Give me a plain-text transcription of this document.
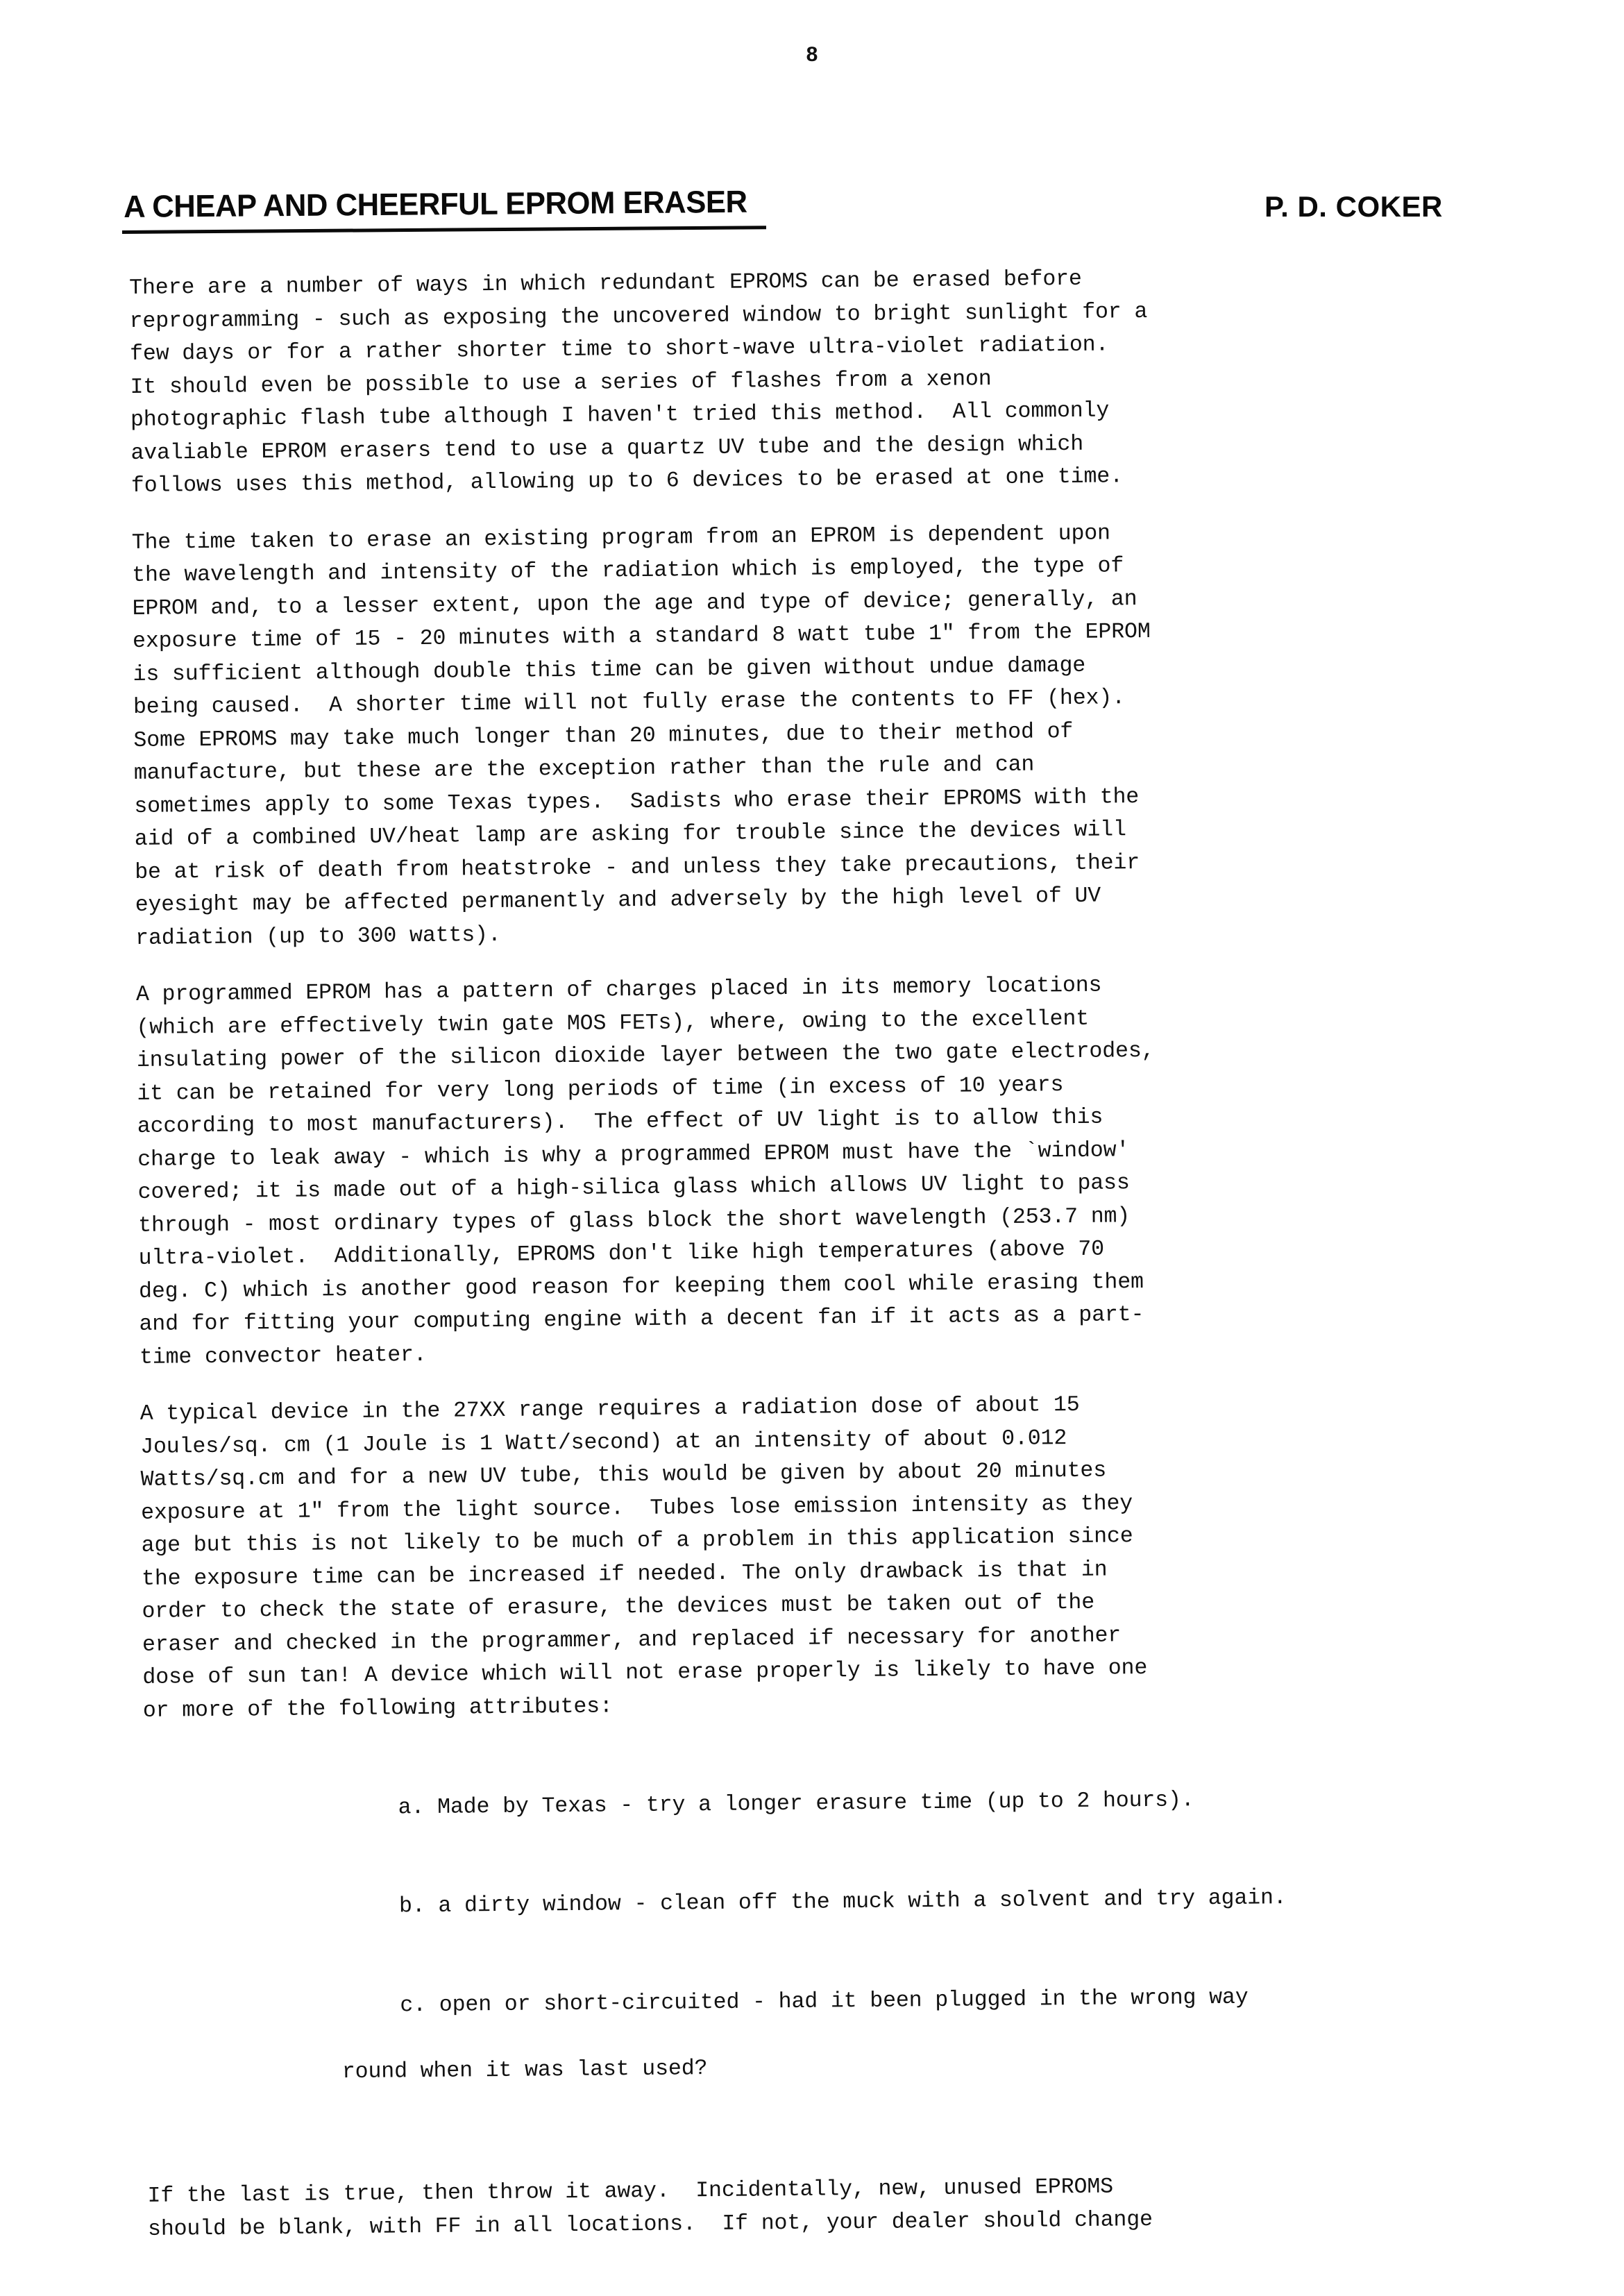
8
A CHEAP AND CHEERFUL EPROM ERASER	P. D. COKER

There are a number of ways in which redundant EPROMS can be erased before
reprogramming - such as exposing the uncovered window to bright sunlight for a
few days or for a rather shorter time to short-wave ultra-violet radiation.
It should even be possible to use a series of flashes from a xenon
photographic flash tube although I haven't tried this method.  All commonly
avaliable EPROM erasers tend to use a quartz UV tube and the design which
follows uses this method, allowing up to 6 devices to be erased at one time.

The time taken to erase an existing program from an EPROM is dependent upon
the wavelength and intensity of the radiation which is employed, the type of
EPROM and, to a lesser extent, upon the age and type of device; generally, an
exposure time of 15 - 20 minutes with a standard 8 watt tube 1" from the EPROM
is sufficient although double this time can be given without undue damage
being caused.  A shorter time will not fully erase the contents to FF (hex).
Some EPROMS may take much longer than 20 minutes, due to their method of
manufacture, but these are the exception rather than the rule and can
sometimes apply to some Texas types.  Sadists who erase their EPROMS with the
aid of a combined UV/heat lamp are asking for trouble since the devices will
be at risk of death from heatstroke - and unless they take precautions, their
eyesight may be affected permanently and adversely by the high level of UV
radiation (up to 300 watts).

A programmed EPROM has a pattern of charges placed in its memory locations
(which are effectively twin gate MOS FETs), where, owing to the excellent
insulating power of the silicon dioxide layer between the two gate electrodes,
it can be retained for very long periods of time (in excess of 10 years
according to most manufacturers).  The effect of UV light is to allow this
charge to leak away - which is why a programmed EPROM must have the `window'
covered; it is made out of a high-silica glass which allows UV light to pass
through - most ordinary types of glass block the short wavelength (253.7 nm)
ultra-violet.  Additionally, EPROMS don't like high temperatures (above 70
deg. C) which is another good reason for keeping them cool while erasing them
and for fitting your computing engine with a decent fan if it acts as a part-
time convector heater.

A typical device in the 27XX range requires a radiation dose of about 15
Joules/sq. cm (1 Joule is 1 Watt/second) at an intensity of about 0.012
Watts/sq.cm and for a new UV tube, this would be given by about 20 minutes
exposure at 1" from the light source.  Tubes lose emission intensity as they
age but this is not likely to be much of a problem in this application since
the exposure time can be increased if needed. The only drawback is that in
order to check the state of erasure, the devices must be taken out of the
eraser and checked in the programmer, and replaced if necessary for another
dose of sun tan! A device which will not erase properly is likely to have one
or more of the following attributes:

a. Made by Texas - try a longer erasure time (up to 2 hours).

b. a dirty window - clean off the muck with a solvent and try again.

c. open or short-circuited - had it been plugged in the wrong way

round when it was last used?

If the last is true, then throw it away.  Incidentally, new, unused EPROMS
should be blank, with FF in all locations.  If not, your dealer should change
